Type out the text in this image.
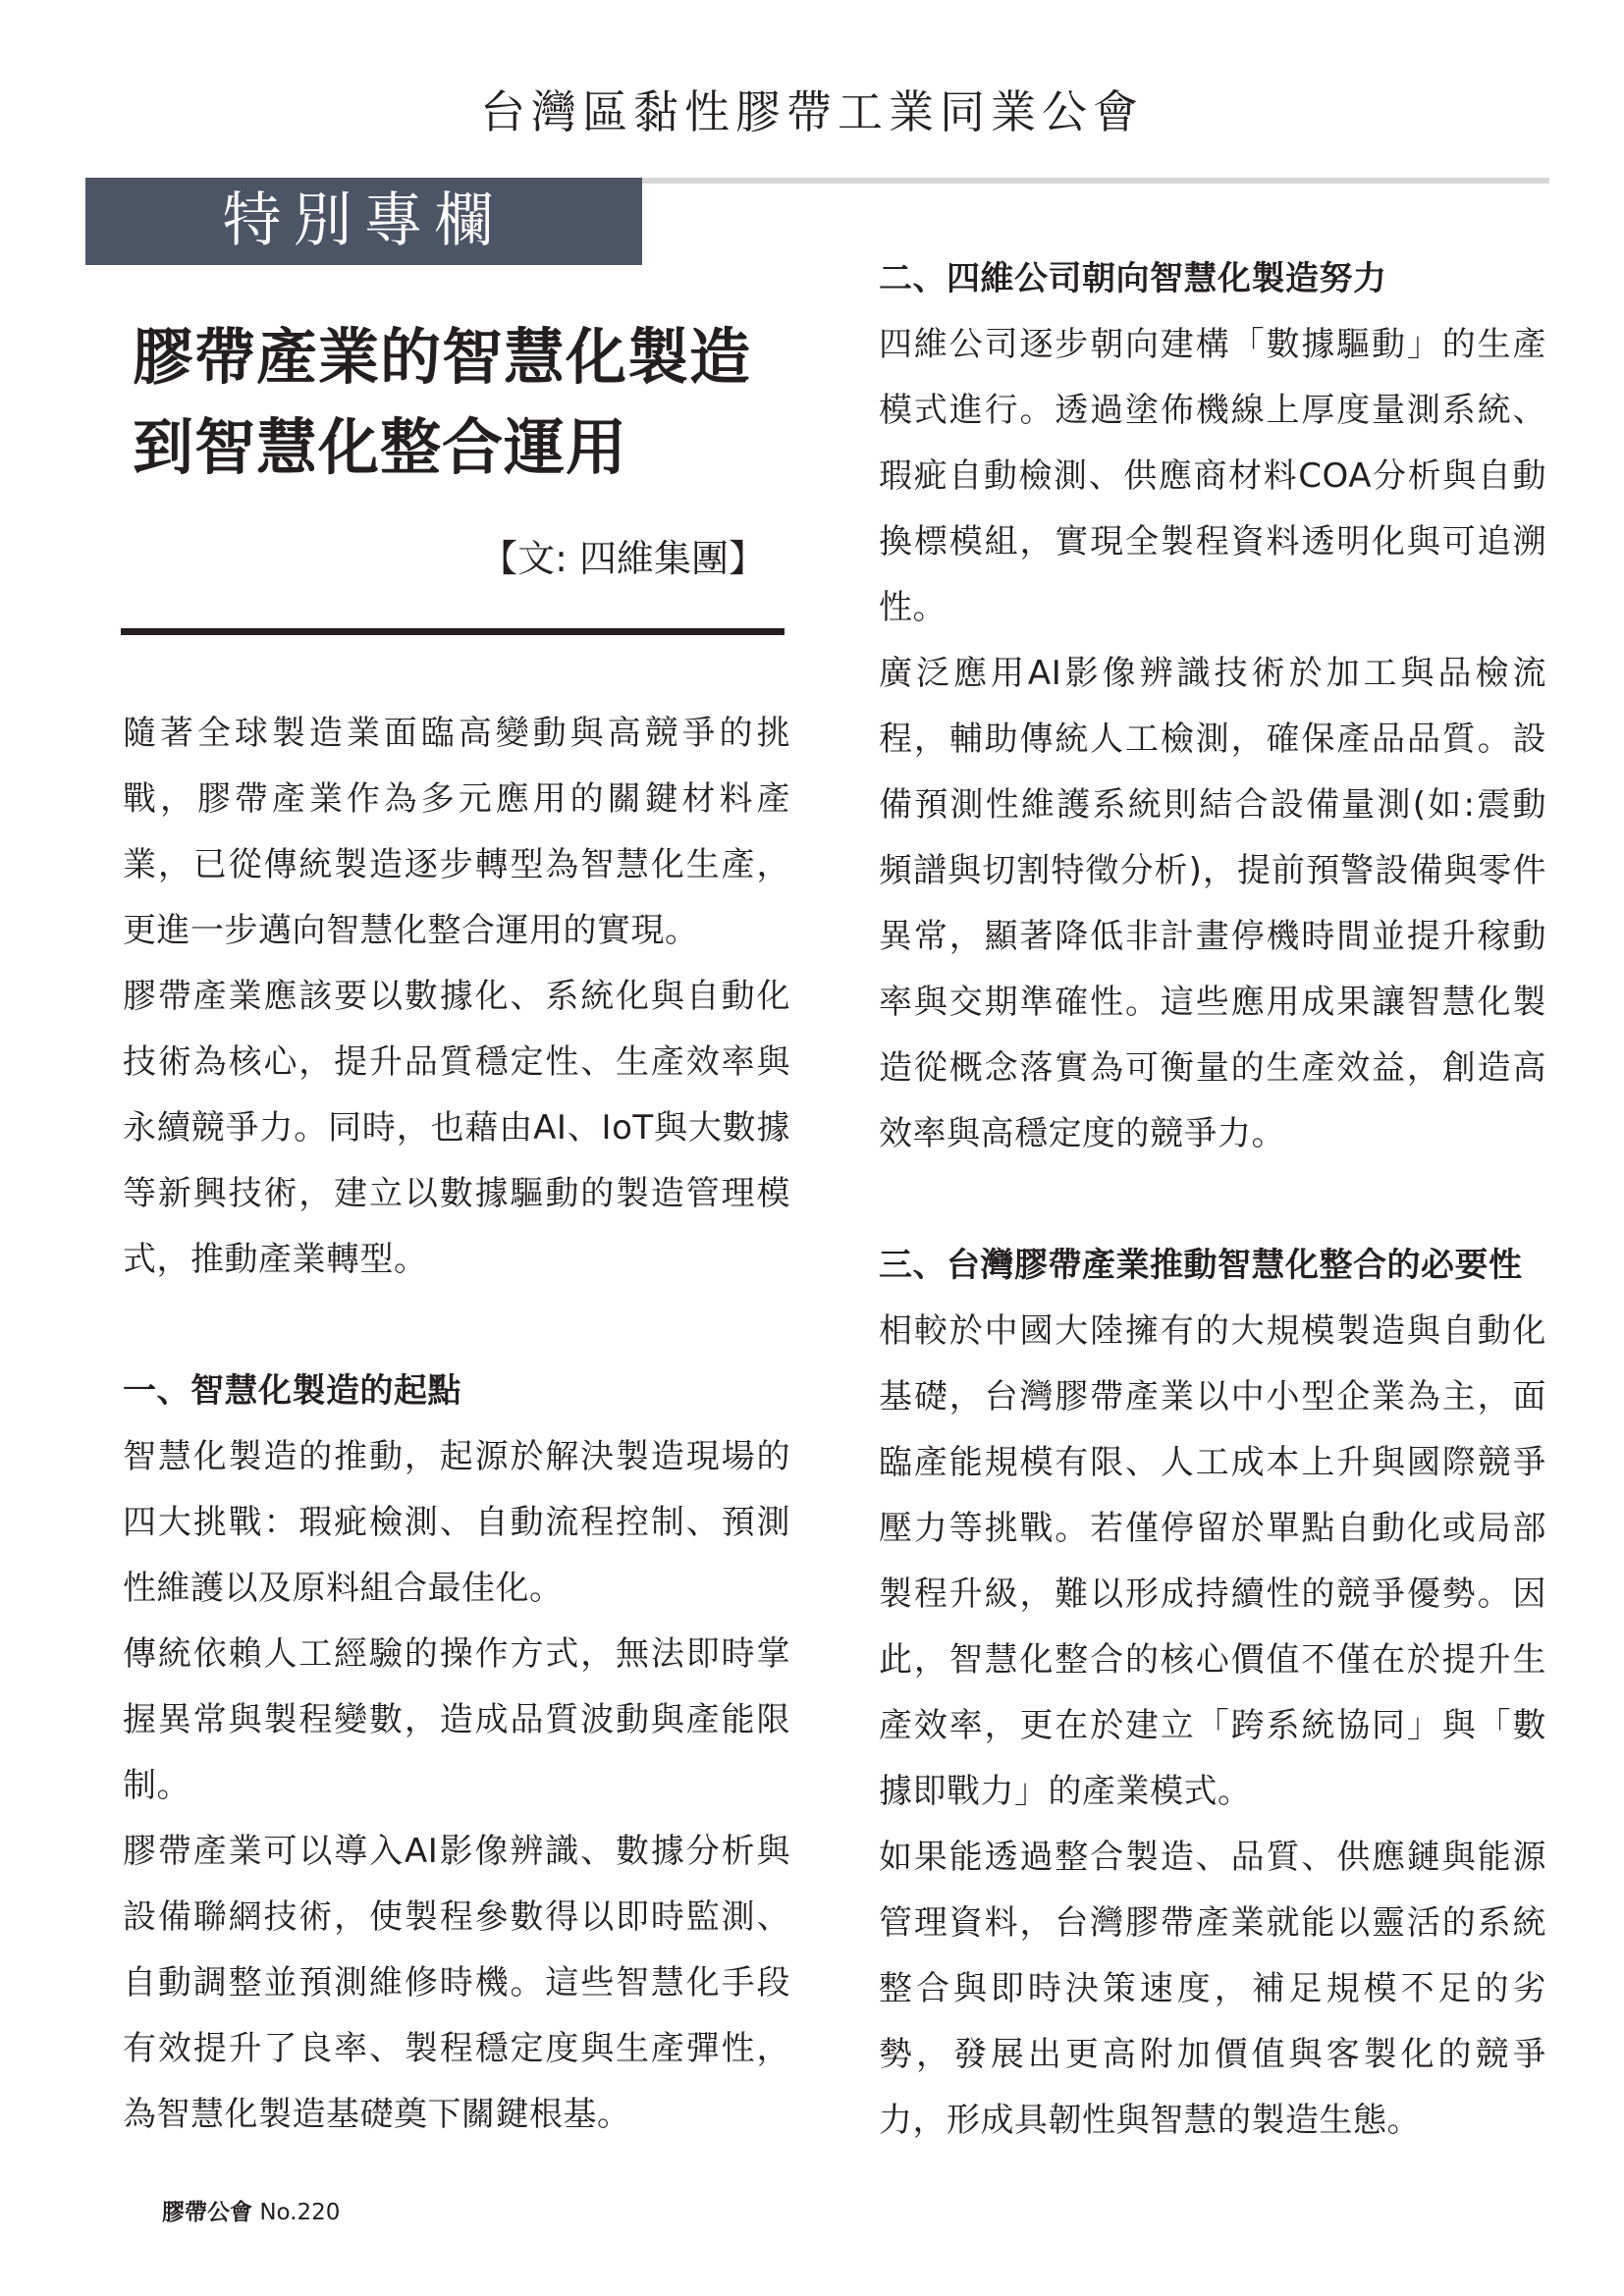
台灣區黏性膠帶工業同業公會
特別專欄
膠帶產業的智慧化製造
到智慧化整合運用
【文: 四維集團】

隨著全球製造業面臨高變動與高競爭的挑戰，膠帶產業作為多元應用的關鍵材料產業，已從傳統製造逐步轉型為智慧化生產，更進一步邁向智慧化整合運用的實現。

膠帶產業應該要以數據化、系統化與自動化技術為核心，提升品質穩定性、生產效率與永續競爭力。同時，也藉由AI、IoT與大數據等新興技術，建立以數據驅動的製造管理模式，推動產業轉型。

一、智慧化製造的起點

智慧化製造的推動，起源於解決製造現場的四大挑戰：瑕疵檢測、自動流程控制、預測性維護以及原料組合最佳化。

傳統依賴人工經驗的操作方式，無法即時掌握異常與製程變數，造成品質波動與產能限制。

膠帶產業可以導入AI影像辨識、數據分析與設備聯網技術，使製程參數得以即時監測、自動調整並預測維修時機。這些智慧化手段有效提升了良率、製程穩定度與生產彈性，為智慧化製造基礎奠下關鍵根基。

二、四維公司朝向智慧化製造努力

四維公司逐步朝向建構「數據驅動」的生產模式進行。透過塗佈機線上厚度量測系統、瑕疵自動檢測、供應商材料COA分析與自動換標模組，實現全製程資料透明化與可追溯性。

廣泛應用AI影像辨識技術於加工與品檢流程，輔助傳統人工檢測，確保產品品質。設備預測性維護系統則結合設備量測(如:震動頻譜與切割特徵分析)，提前預警設備與零件異常，顯著降低非計畫停機時間並提升稼動率與交期準確性。這些應用成果讓智慧化製造從概念落實為可衡量的生產效益，創造高效率與高穩定度的競爭力。

三、台灣膠帶產業推動智慧化整合的必要性

相較於中國大陸擁有的大規模製造與自動化基礎，台灣膠帶產業以中小型企業為主，面臨產能規模有限、人工成本上升與國際競爭壓力等挑戰。若僅停留於單點自動化或局部製程升級，難以形成持續性的競爭優勢。因此，智慧化整合的核心價值不僅在於提升生產效率，更在於建立「跨系統協同」與「數據即戰力」的產業模式。

如果能透過整合製造、品質、供應鏈與能源管理資料，台灣膠帶產業就能以靈活的系統整合與即時決策速度，補足規模不足的劣勢，發展出更高附加價值與客製化的競爭力，形成具韌性與智慧的製造生態。

膠帶公會 No.220
